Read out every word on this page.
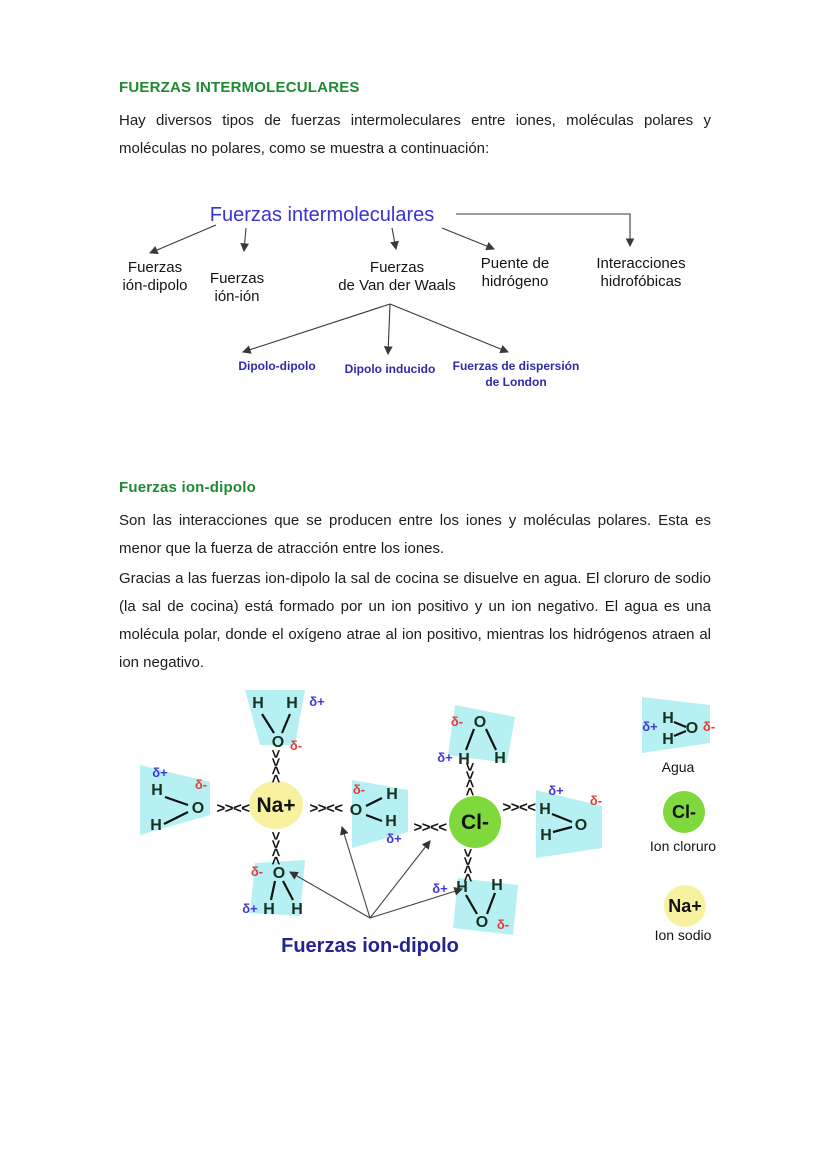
FUERZAS INTERMOLECULARES
Hay diversos tipos de fuerzas intermoleculares entre iones, moléculas polares y moléculas no polares, como se muestra a continuación:
Fuerzas intermoleculares
Fuerzas
ión-dipolo Fuerzas
ión-ión
Fuerzas
de Van der Waals
Puente de
hidrógeno
Interacciones
hidrofóbicas
Dipolo-dipolo Dipolo inducido Fuerzas de dispersión
de London
Fuerzas ion-dipolo
Son las interacciones que se producen entre los iones y moléculas polares. Esta es menor que la fuerza de atracción entre los iones.
Gracias a las fuerzas ion-dipolo la sal de cocina se disuelve en agua. El cloruro de sodio (la sal de cocina) está formado por un ion positivo y un ion negativo. El agua es una molécula polar, donde el oxígeno atrae al ion positivo, mientras los hidrógenos atraen al ion negativo.
Na+
Cl-
H H δ+
O δ-
>><<
δ+
H δ-
O
H
>><<	>><<
δ-
O
H
H
δ+
>><<
δ- O
δ+ H H
>><<
>><<
δ+
H
δ-
O
H
>><<
δ- O
δ+ H H
>><<
δ+ H H
O δ-
Fuerzas ion-dipolo
δ+ H
H
O δ-
Agua
Cl-
Ion cloruro
Na+
Ion sodio
